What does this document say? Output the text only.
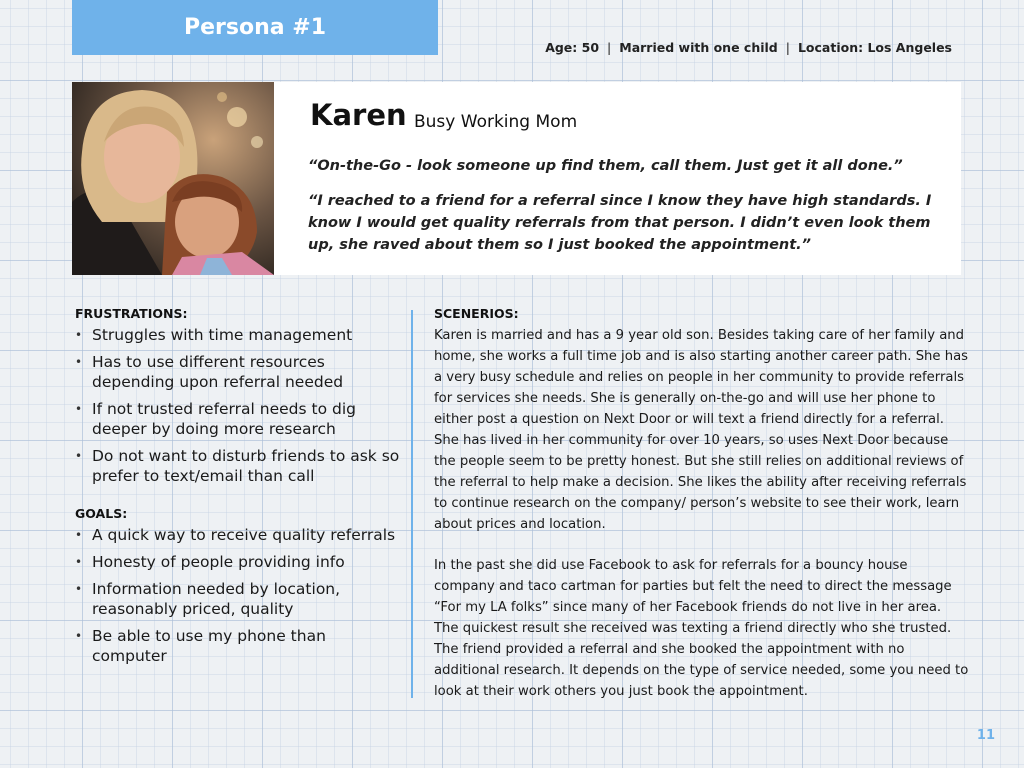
Persona #1
Age: 50 | Married with one child | Location: Los Angeles
Karen Busy Working Mom
“On-the-Go - look someone up find them, call them. Just get it all done.”
“I reached to a friend for a referral since I know they have high standards. I know I would get quality referrals from that person. I didn’t even look them up, she raved about them so I just booked the appointment.”
FRUSTRATIONS:
• Struggles with time management
• Has to use different resources depending upon referral needed
• If not trusted referral needs to dig deeper by doing more research
• Do not want to disturb friends to ask so prefer to text/email than call
GOALS:
• A quick way to receive quality referrals
• Honesty of people providing info
• Information needed by location, reasonably priced, quality
• Be able to use my phone than computer
SCENERIOS:

Karen is married and has a 9 year old son. Besides taking care of her family and home, she works a full time job and is also starting another career path. She has a very busy schedule and relies on people in her community to provide referrals for services she needs. She is generally on-the-go and will use her phone to either post a question on Next Door or will text a friend directly for a referral. She has lived in her community for over 10 years, so uses Next Door because the people seem to be pretty honest. But she still relies on additional reviews of the referral to help make a decision. She likes the ability after receiving referrals to continue research on the company/ person’s website to see their work, learn about prices and location.

In the past she did use Facebook to ask for referrals for a bouncy house company and taco cartman for parties but felt the need to direct the message “For my LA folks” since many of her Facebook friends do not live in her area. The quickest result she received was texting a friend directly who she trusted. The friend provided a referral and she booked the appointment with no additional research. It depends on the type of service needed, some you need to look at their work others you just book the appointment.

11
